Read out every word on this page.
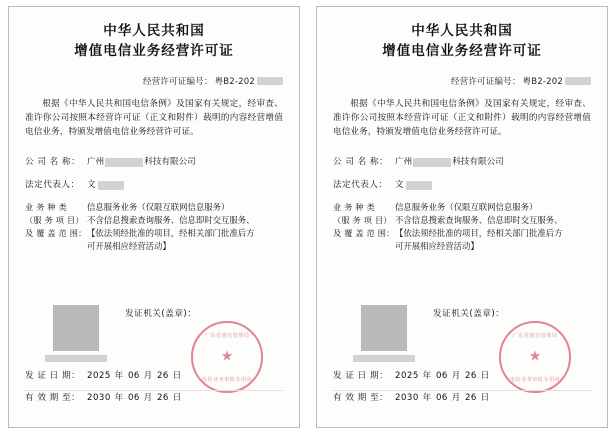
中华人民共和国
增值电信业务经营许可证
经营许可证编号： 粤B2-202
根据《中华人民共和国电信条例》及国家有关规定，经审查、准许你公司按照本经营许可证（正文和附件）载明的内容经营增值电信业务，特颁发增值电信业务经营许可证。
公 司 名 称： 广州	科技有限公司
法定代表人： 文
业 务 种 类
（服 务 项 目）
及 覆 盖 范 围：
信息服务业务（仅限互联网信息服务）
不含信息搜索查询服务、信息即时交互服务、
【依法须经批准的项目，经相关部门批准后方
可开展相应经营活动】
发证机关(盖章)：
广东省通信管理局
★
电信业务审批专用章
发 证 日 期： 2025 年 06 月 26 日
有 效 期 至： 2030 年 06 月 26 日
中华人民共和国
增值电信业务经营许可证
经营许可证编号： 粤B2-202
根据《中华人民共和国电信条例》及国家有关规定，经审查、准许你公司按照本经营许可证（正文和附件）载明的内容经营增值电信业务，特颁发增值电信业务经营许可证。
公 司 名 称： 广州	科技有限公司
法定代表人： 文
业 务 种 类
（服 务 项 目）
及 覆 盖 范 围：
信息服务业务（仅限互联网信息服务）
不含信息搜索查询服务、信息即时交互服务、
【依法须经批准的项目，经相关部门批准后方
可开展相应经营活动】
发证机关(盖章)：
广东省通信管理局
★
电信业务审批专用章
发 证 日 期： 2025 年 06 月 26 日
有 效 期 至： 2030 年 06 月 26 日
